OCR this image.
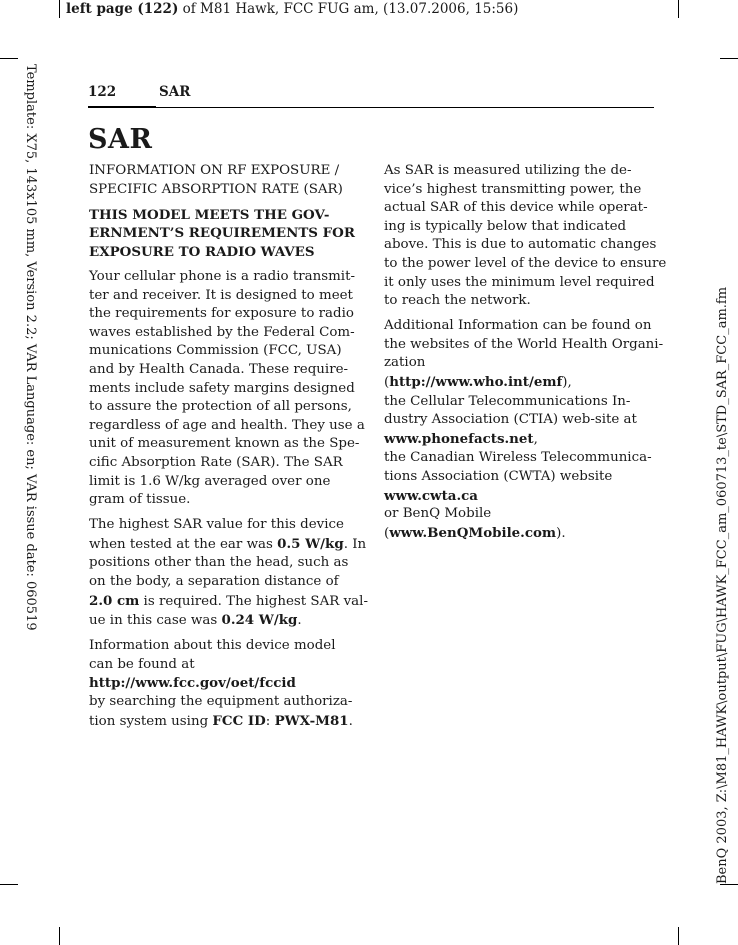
left page (122) of M81 Hawk, FCC FUG am, (13.07.2006, 15:56)
Template: X75, 143x105 mm, Version 2.2; VAR Language: en; VAR issue date: 060519	BenQ 2003, Z:\M81_HAWK\output\FUG\HAWK_FCC_am_060713_te\STD_SAR_FCC_am.fm
122	SAR
SAR

INFORMATION ON RF EXPOSURE /
SPECIFIC ABSORPTION RATE (SAR)

THIS MODEL MEETS THE GOV-
ERNMENT’S REQUIREMENTS FOR
EXPOSURE TO RADIO WAVES

Your cellular phone is a radio transmit-
ter and receiver. It is designed to meet
the requirements for exposure to radio
waves established by the Federal Com-
munications Commission (FCC, USA)
and by Health Canada. These require-
ments include safety margins designed
to assure the protection of all persons,
regardless of age and health. They use a
unit of measurement known as the Spe-
cific Absorption Rate (SAR). The SAR
limit is 1.6 W/kg averaged over one
gram of tissue.

The highest SAR value for this device
when tested at the ear was 0.5 W/kg. In
positions other than the head, such as
on the body, a separation distance of
2.0 cm is required. The highest SAR val-
ue in this case was 0.24 W/kg.

Information about this device model
can be found at
http://www.fcc.gov/oet/fccid
by searching the equipment authoriza-
tion system using FCC ID: PWX-M81.

As SAR is measured utilizing the de-
vice’s highest transmitting power, the
actual SAR of this device while operat-
ing is typically below that indicated
above. This is due to automatic changes
to the power level of the device to ensure
it only uses the minimum level required
to reach the network.

Additional Information can be found on
the websites of the World Health Organi-
zation
(http://www.who.int/emf),
the Cellular Telecommunications In-
dustry Association (CTIA) web-site at
www.phonefacts.net,
the Canadian Wireless Telecommunica-
tions Association (CWTA) website
www.cwta.ca
or BenQ Mobile
(www.BenQMobile.com).
